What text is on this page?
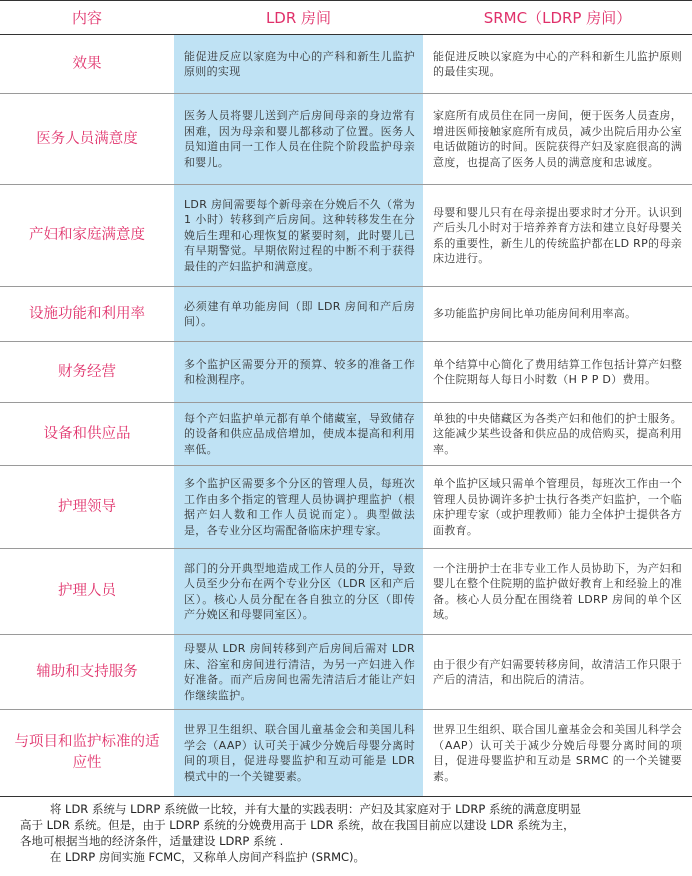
内容	LDR 房间	SRMC（LDRP 房间）
效果	能促进反应以家庭为中心的产科和新生儿监护原则的实现	能促进反映以家庭为中心的产科和新生儿监护原则的最佳实现。
医务人员满意度	医务人员将婴儿送到产后房间母亲的身边常有困难，因为母亲和婴儿都移动了位置。医务人员知道由同一工作人员在住院个阶段监护母亲和婴儿。	家庭所有成员住在同一房间，便于医务人员查房，增进医师接触家庭所有成员，减少出院后用办公室电话做随访的时间。医院获得产妇及家庭很高的满意度，也提高了医务人员的满意度和忠诚度。
产妇和家庭满意度	LDR 房间需要每个新母亲在分娩后不久（常为 1 小时）转移到产后房间。这种转移发生在分娩后生理和心理恢复的紧要时刻，此时婴儿已有早期警觉。早期依附过程的中断不利于获得最佳的产妇监护和满意度。	母婴和婴儿只有在母亲提出要求时才分开。认识到产后头几小时对于培养养育方法和建立良好母婴关系的重要性，新生儿的传统监护都在LD RP的母亲床边进行。
设施功能和利用率	必须建有单功能房间（即 LDR 房间和产后房间）。	多功能监护房间比单功能房间利用率高。
财务经营	多个监护区需要分开的预算、较多的准备工作和检测程序。	单个结算中心简化了费用结算工作包括计算产妇整个住院期每人每日小时数（H P P D）费用。
设备和供应品	每个产妇监护单元都有单个储藏室，导致储存的设备和供应品成倍增加，使成本提高和利用率低。	单独的中央储藏区为各类产妇和他们的护士服务。这能减少某些设备和供应品的成倍购买，提高利用率。
护理领导	多个监护区需要多个分区的管理人员，每班次工作由多个指定的管理人员协调护理监护（根据产妇人数和工作人员说而定）。典型做法是，各专业分区均需配备临床护理专家。	单个监护区域只需单个管理员，每班次工作由一个管理人员协调许多护士执行各类产妇监护，一个临床护理专家（或护理教师）能力全体护士提供各方面教育。
护理人员	部门的分开典型地造成工作人员的分开，导致人员至少分布在两个专业分区（LDR 区和产后区）。核心人员分配在各自独立的分区（即传产分娩区和母婴同室区）。	一个注册护士在非专业工作人员协助下，为产妇和婴儿在整个住院期的监护做好教育上和经验上的准备。核心人员分配在围绕着 LDRP 房间的单个区域。
辅助和支持服务	母婴从 LDR 房间转移到产后房间后需对 LDR 床、浴室和房间进行清洁，为另一产妇进入作好准备。而产后房间也需先清洁后才能让产妇作继续监护。	由于很少有产妇需要转移房间，故清洁工作只限于产后的清洁，和出院后的清洁。
与项目和监护标准的适应性	世界卫生组织、联合国儿童基金会和美国儿科学会（AAP）认可关于减少分娩后母婴分离时间的项目，促进母婴监护和互动可能是 LDR 模式中的一个关键要素。	世界卫生组织、联合国儿童基金会和美国儿科学会（AAP）认可关于减少分娩后母婴分离时间的项目，促进母婴监护和互动是 SRMC 的一个关键要素。

将 LDR 系统与 LDRP 系统做一比较，并有大量的实践表明：产妇及其家庭对于 LDRP 系统的满意度明显

高于 LDR 系统。但是，由于 LDRP 系统的分娩费用高于 LDR 系统，故在我国目前应以建设 LDR 系统为主，

各地可根据当地的经济条件，适量建设 LDRP 系统 .

在 LDRP 房间实施 FCMC，又称单人房间产科监护 (SRMC)。
